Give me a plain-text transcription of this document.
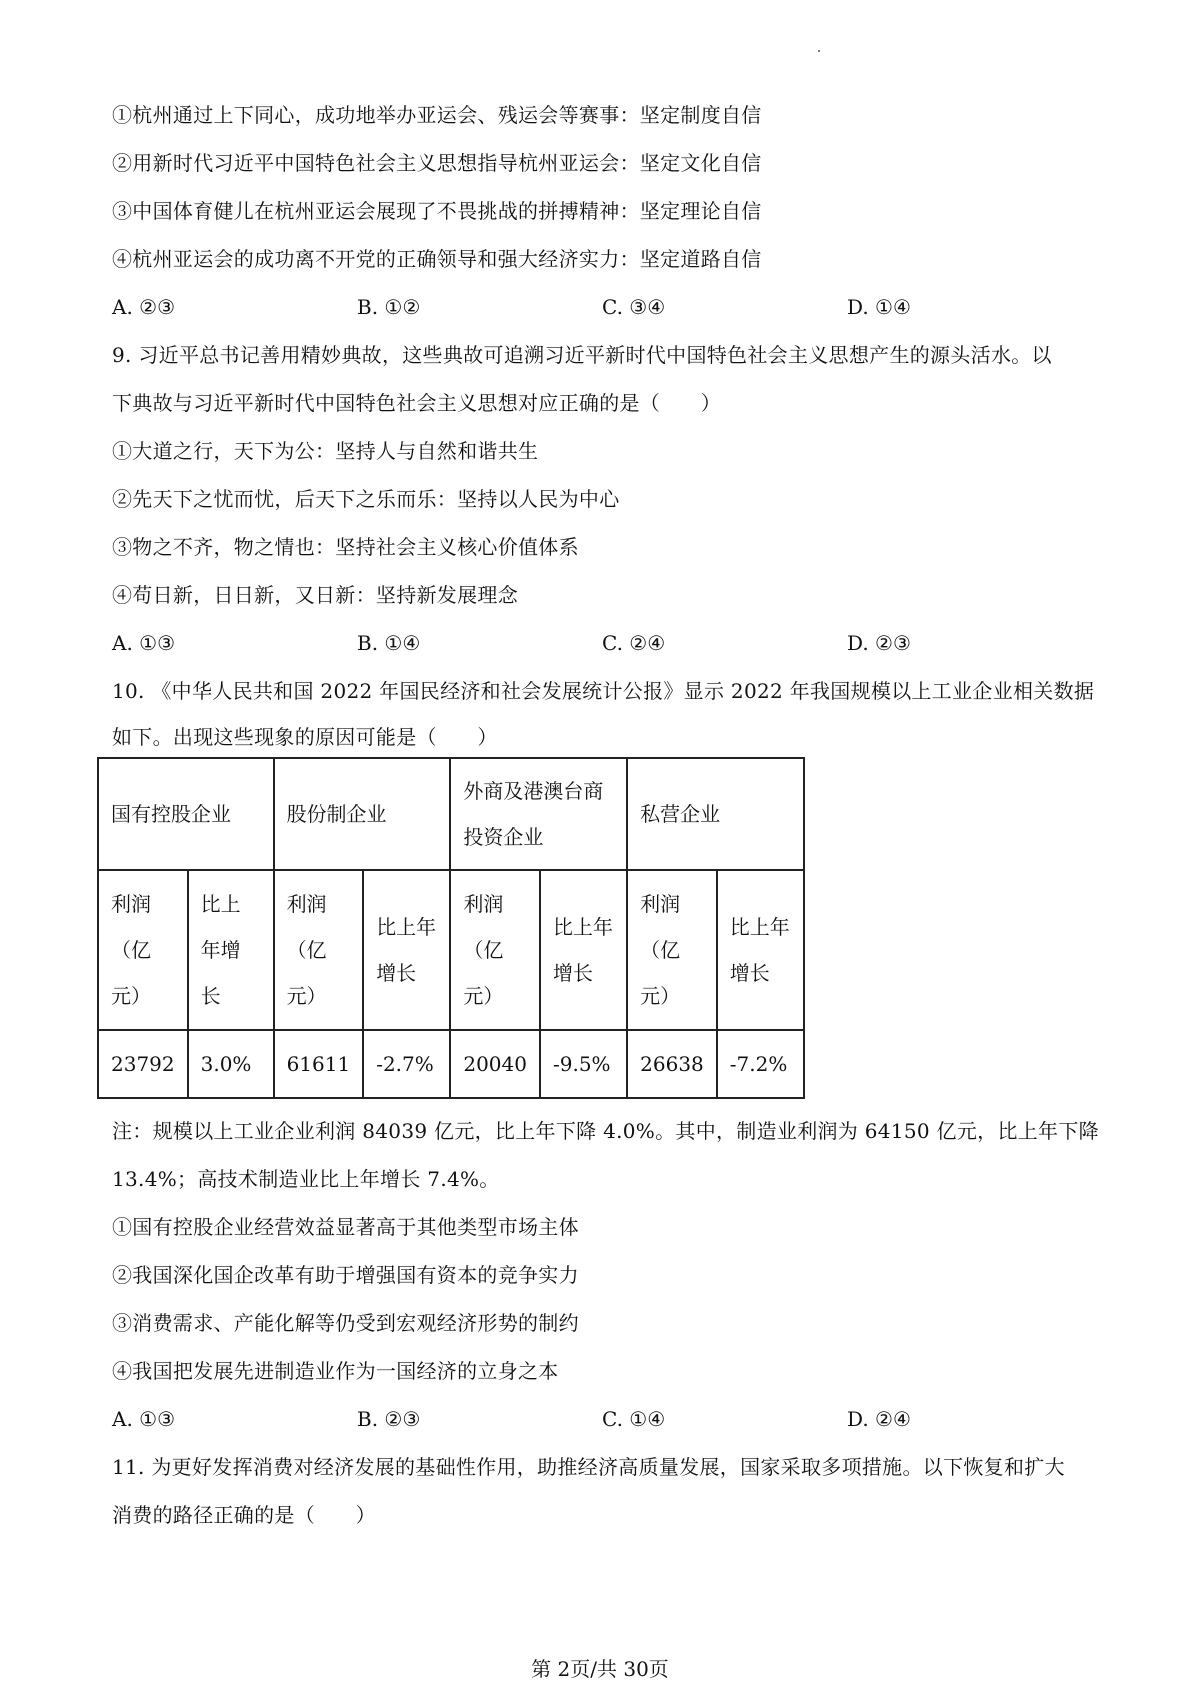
①杭州通过上下同心，成功地举办亚运会、残运会等赛事：坚定制度自信
②用新时代习近平中国特色社会主义思想指导杭州亚运会：坚定文化自信
③中国体育健儿在杭州亚运会展现了不畏挑战的拼搏精神：坚定理论自信
④杭州亚运会的成功离不开党的正确领导和强大经济实力：坚定道路自信
A. ②③	B. ①②	C. ③④	D. ①④
9. 习近平总书记善用精妙典故，这些典故可追溯习近平新时代中国特色社会主义思想产生的源头活水。以
下典故与习近平新时代中国特色社会主义思想对应正确的是（　　）
①大道之行，天下为公：坚持人与自然和谐共生
②先天下之忧而忧，后天下之乐而乐：坚持以人民为中心
③物之不齐，物之情也：坚持社会主义核心价值体系
④苟日新，日日新，又日新：坚持新发展理念
A. ①③	B. ①④	C. ②④	D. ②③
10. 《中华人民共和国 2022 年国民经济和社会发展统计公报》显示 2022 年我国规模以上工业企业相关数据
如下。出现这些现象的原因可能是（　　）
国有控股企业		股份制企业		外商及港澳台商投资企业		私营企业	
利润（亿元）	比上年增长	利润（亿元）	比上年增长	利润（亿元）	比上年增长	利润（亿元）	比上年增长
23792	3.0%	61611	-2.7%	20040	-9.5%	26638	-7.2%
注：规模以上工业企业利润 84039 亿元，比上年下降 4.0%。其中，制造业利润为 64150 亿元，比上年下降
13.4%；高技术制造业比上年增长 7.4%。
①国有控股企业经营效益显著高于其他类型市场主体
②我国深化国企改革有助于增强国有资本的竞争实力
③消费需求、产能化解等仍受到宏观经济形势的制约
④我国把发展先进制造业作为一国经济的立身之本
A. ①③	B. ②③	C. ①④	D. ②④
11. 为更好发挥消费对经济发展的基础性作用，助推经济高质量发展，国家采取多项措施。以下恢复和扩大
消费的路径正确的是（　　）
第 2页/共 30页
